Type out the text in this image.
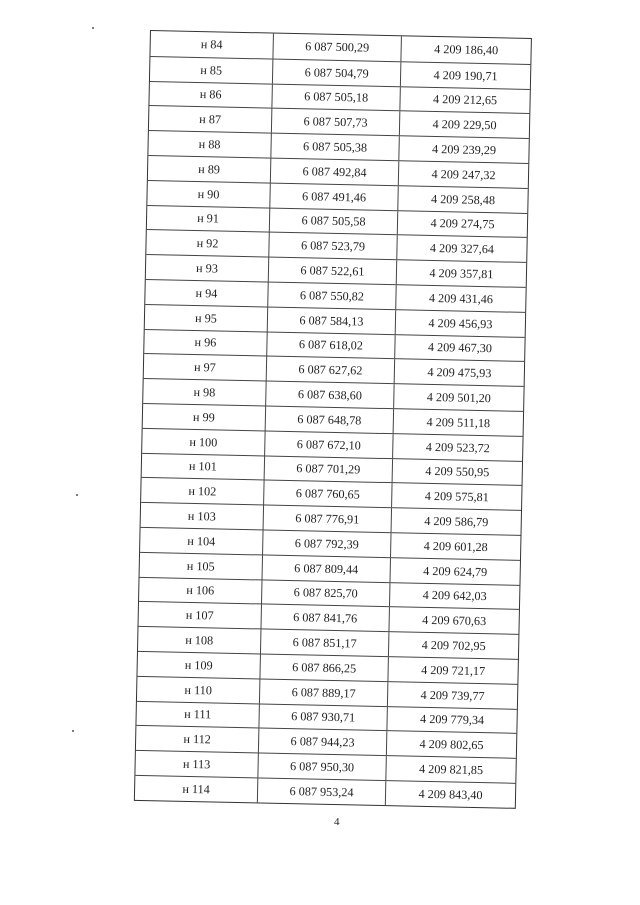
н 84	6 087 500,29	4 209 186,40
н 85	6 087 504,79	4 209 190,71
н 86	6 087 505,18	4 209 212,65
н 87	6 087 507,73	4 209 229,50
н 88	6 087 505,38	4 209 239,29
н 89	6 087 492,84	4 209 247,32
н 90	6 087 491,46	4 209 258,48
н 91	6 087 505,58	4 209 274,75
н 92	6 087 523,79	4 209 327,64
н 93	6 087 522,61	4 209 357,81
н 94	6 087 550,82	4 209 431,46
н 95	6 087 584,13	4 209 456,93
н 96	6 087 618,02	4 209 467,30
н 97	6 087 627,62	4 209 475,93
н 98	6 087 638,60	4 209 501,20
н 99	6 087 648,78	4 209 511,18
н 100	6 087 672,10	4 209 523,72
н 101	6 087 701,29	4 209 550,95
н 102	6 087 760,65	4 209 575,81
н 103	6 087 776,91	4 209 586,79
н 104	6 087 792,39	4 209 601,28
н 105	6 087 809,44	4 209 624,79
н 106	6 087 825,70	4 209 642,03
н 107	6 087 841,76	4 209 670,63
н 108	6 087 851,17	4 209 702,95
н 109	6 087 866,25	4 209 721,17
н 110	6 087 889,17	4 209 739,77
н 111	6 087 930,71	4 209 779,34
н 112	6 087 944,23	4 209 802,65
н 113	6 087 950,30	4 209 821,85
н 114	6 087 953,24	4 209 843,40
4
